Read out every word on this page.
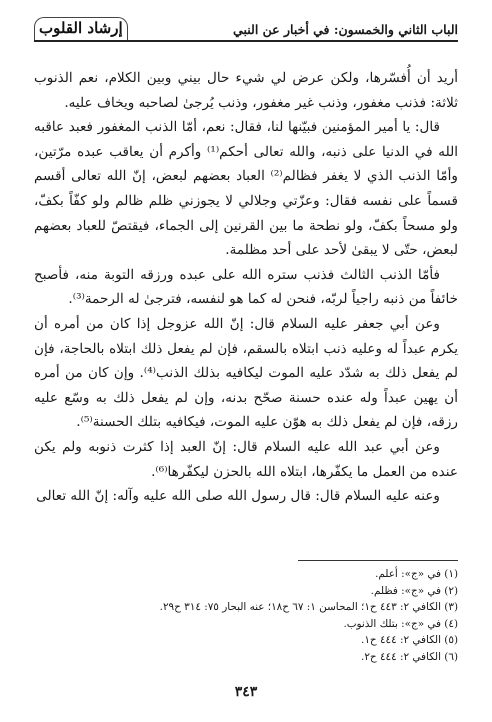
الباب الثاني والخمسون: في أخبار عن النبي
إرشاد القلوب

أريد أن أُفسّرها، ولكن عرض لي شيء حال بيني وبين الكلام، نعم الذنوب ثلاثة: فذنب مغفور، وذنب غير مغفور، وذنب يُرجىٰ لصاحبه ويخاف عليه.

قال: يا أمير المؤمنين فبيّنها لنا، فقال: نعم، أمّا الذنب المغفور فعبد عاقبه الله في الدنيا على ذنبه، والله تعالى أحكم⁽¹⁾ وأكرم أن يعاقب عبده مرّتين، وأمّا الذنب الذي لا يغفر فظالم⁽²⁾ العباد بعضهم لبعض، إنّ الله تعالى أقسم قسماً على نفسه فقال: وعزّتي وجلالي لا يجوزني ظلم ظالم ولو كفّاً بكفّ، ولو مسحاً بكفّ، ولو نطحة ما بين القرنين إلى الجماء، فيقتصّ للعباد بعضهم لبعض، حتّى لا يبقىٰ لأحد على أحد مظلمة.

فأمّا الذنب الثالث فذنب ستره الله على عبده ورزقه التوبة منه، فأصبح خائفاً من ذنبه راجياً لربّه، فنحن له كما هو لنفسه، فترجىٰ له الرحمة⁽³⁾.

وعن أبي جعفر عليه السلام قال: إنّ الله عزوجل إذا كان من أمره أن يكرم عبداً له وعليه ذنب ابتلاه بالسقم، فإن لم يفعل ذلك ابتلاه بالحاجة، فإن لم يفعل ذلك به شدّد عليه الموت ليكافيه بذلك الذنب⁽⁴⁾. وإن كان من أمره أن يهين عبداً وله عنده حسنة صحّح بدنه، وإن لم يفعل ذلك به وسّع عليه رزقه، فإن لم يفعل ذلك به هوّن عليه الموت، فيكافيه بتلك الحسنة⁽⁵⁾.

وعن أبي عبد الله عليه السلام قال: إنّ العبد إذا كثرت ذنوبه ولم يكن عنده من العمل ما يكفّرها، ابتلاه الله بالحزن ليكفّرها⁽⁶⁾.

وعنه عليه السلام قال: قال رسول الله صلى الله عليه وآله: إنّ الله تعالى

(١) في «ج»: أعلم.
(٢) في «ج»: فظلم.
(٣) الكافي ٢: ٤٤٣ ح١؛ المحاسن ١: ٦٧ ح١٨؛ عنه البحار ٧٥: ٣١٤ ح٢٩.
(٤) في «ج»: بتلك الذنوب.
(٥) الكافي ٢: ٤٤٤ ح١.
(٦) الكافي ٢: ٤٤٤ ح٢.
٣٤٣
